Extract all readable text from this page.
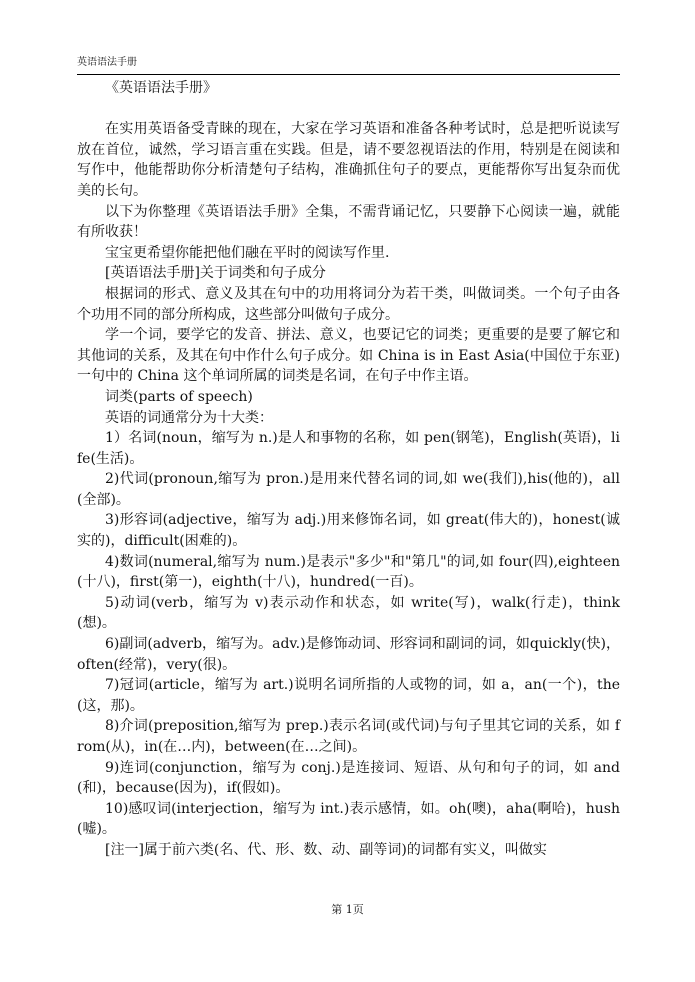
英语语法手册

《英语语法手册》

在实用英语备受青睐的现在，大家在学习英语和准备各种考试时，总是把听说读写放在首位，诚然，学习语言重在实践。但是，请不要忽视语法的作用，特别是在阅读和写作中，他能帮助你分析清楚句子结构，准确抓住句子的要点，更能帮你写出复杂而优美的长句。

以下为你整理《英语语法手册》全集，不需背诵记忆，只要静下心阅读一遍，就能有所收获！

宝宝更希望你能把他们融在平时的阅读写作里.

[英语语法手册]关于词类和句子成分

根据词的形式、意义及其在句中的功用将词分为若干类，叫做词类。一个句子由各个功用不同的部分所构成，这些部分叫做句子成分。

学一个词，要学它的发音、拼法、意义，也要记它的词类；更重要的是要了解它和其他词的关系，及其在句中作什么句子成分。如 China is in East Asia(中国位于东亚)一句中的 China 这个单词所属的词类是名词，在句子中作主语。

词类(parts of speech)

英语的词通常分为十大类：

1）名词(noun，缩写为 n.)是人和事物的名称，如 pen(钢笔)，English(英语)，life(生活)。

2)代词(pronoun,缩写为 pron.)是用来代替名词的词,如 we(我们),his(他的)，all(全部)。

3)形容词(adjective，缩写为 adj.)用来修饰名词，如 great(伟大的)，honest(诚实的)，difficult(困难的)。

4)数词(numeral,缩写为 num.)是表示"多少"和"第几"的词,如 four(四),eighteen(十八)，first(第一)，eighth(十八)，hundred(一百)。

5)动词(verb，缩写为 v)表示动作和状态，如 write(写)，walk(行走)，think(想)。

6)副词(adverb，缩写为。adv.)是修饰动词、形容词和副词的词，如quickly(快)，often(经常)，very(很)。

7)冠词(article，缩写为 art.)说明名词所指的人或物的词，如 a，an(一个)，the(这，那)。

8)介词(preposition,缩写为 prep.)表示名词(或代词)与句子里其它词的关系，如 from(从)，in(在…内)，between(在…之间)。

9)连词(conjunction，缩写为 conj.)是连接词、短语、从句和句子的词，如 and(和)，because(因为)，if(假如)。

10)感叹词(interjection，缩写为 int.)表示感情，如。oh(噢)，aha(啊哈)，hush(嘘)。

[注一]属于前六类(名、代、形、数、动、副等词)的词都有实义，叫做实

第 1页
